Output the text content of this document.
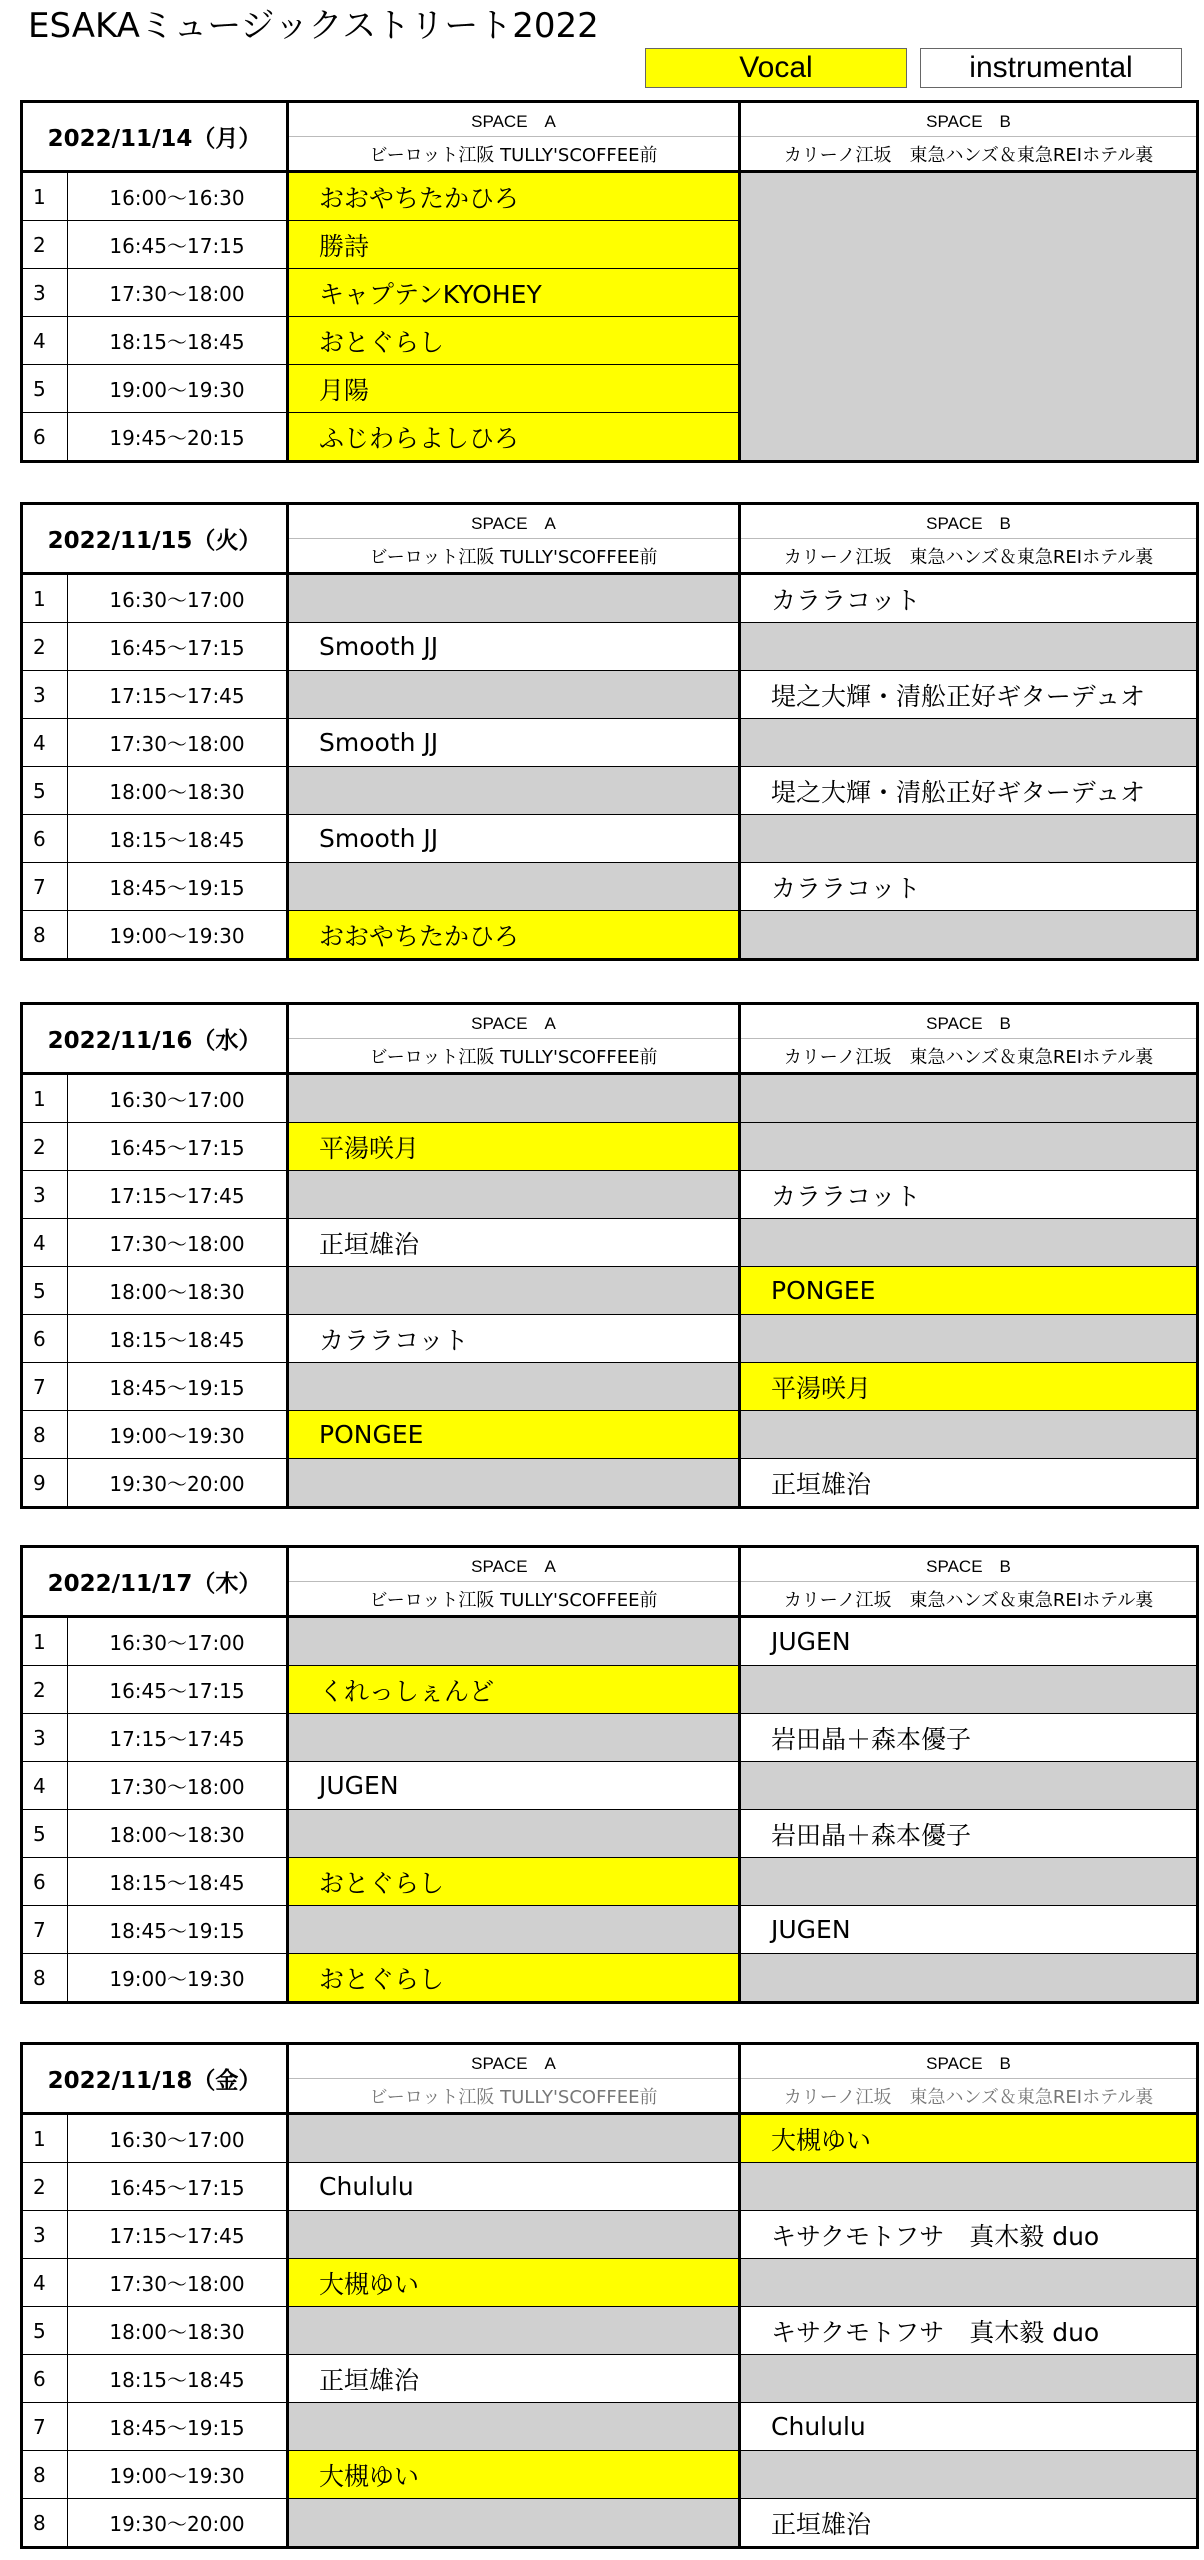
ESAKAミュージックストリート2022
Vocal	instrumental
2022/11/14（月）		SPACE　A	SPACE　B
		ビーロット江阪 TULLY'SCOFFEE前	カリーノ江坂　東急ハンズ＆東急REIホテル裏
1	16:00～16:30	おおやちたかひろ	
2	16:45～17:15	勝詩	
3	17:30～18:00	キャプテンKYOHEY	
4	18:15～18:45	おとぐらし	
5	19:00～19:30	月陽	
6	19:45～20:15	ふじわらよしひろ	
2022/11/15（火）		SPACE　A	SPACE　B
		ビーロット江阪 TULLY'SCOFFEE前	カリーノ江坂　東急ハンズ＆東急REIホテル裏
1	16:30～17:00		カララコット
2	16:45～17:15	Smooth JJ	
3	17:15～17:45		堤之大輝・清舩正好ギターデュオ
4	17:30～18:00	Smooth JJ	
5	18:00～18:30		堤之大輝・清舩正好ギターデュオ
6	18:15～18:45	Smooth JJ	
7	18:45～19:15		カララコット
8	19:00～19:30	おおやちたかひろ	
2022/11/16（水）		SPACE　A	SPACE　B
		ビーロット江阪 TULLY'SCOFFEE前	カリーノ江坂　東急ハンズ＆東急REIホテル裏
1	16:30～17:00		
2	16:45～17:15	平湯咲月	
3	17:15～17:45		カララコット
4	17:30～18:00	正垣雄治	
5	18:00～18:30		PONGEE
6	18:15～18:45	カララコット	
7	18:45～19:15		平湯咲月
8	19:00～19:30	PONGEE	
9	19:30～20:00		正垣雄治
2022/11/17（木）		SPACE　A	SPACE　B
		ビーロット江阪 TULLY'SCOFFEE前	カリーノ江坂　東急ハンズ＆東急REIホテル裏
1	16:30～17:00		JUGEN
2	16:45～17:15	くれっしぇんど	
3	17:15～17:45		岩田晶＋森本優子
4	17:30～18:00	JUGEN	
5	18:00～18:30		岩田晶＋森本優子
6	18:15～18:45	おとぐらし	
7	18:45～19:15		JUGEN
8	19:00～19:30	おとぐらし	
2022/11/18（金）		SPACE　A	SPACE　B
		ビーロット江阪 TULLY'SCOFFEE前	カリーノ江坂　東急ハンズ＆東急REIホテル裏
1	16:30～17:00		大槻ゆい
2	16:45～17:15	Chululu	
3	17:15～17:45		キサクモトフサ　真木毅 duo
4	17:30～18:00	大槻ゆい	
5	18:00～18:30		キサクモトフサ　真木毅 duo
6	18:15～18:45	正垣雄治	
7	18:45～19:15		Chululu
8	19:00～19:30	大槻ゆい	
8	19:30～20:00		正垣雄治
